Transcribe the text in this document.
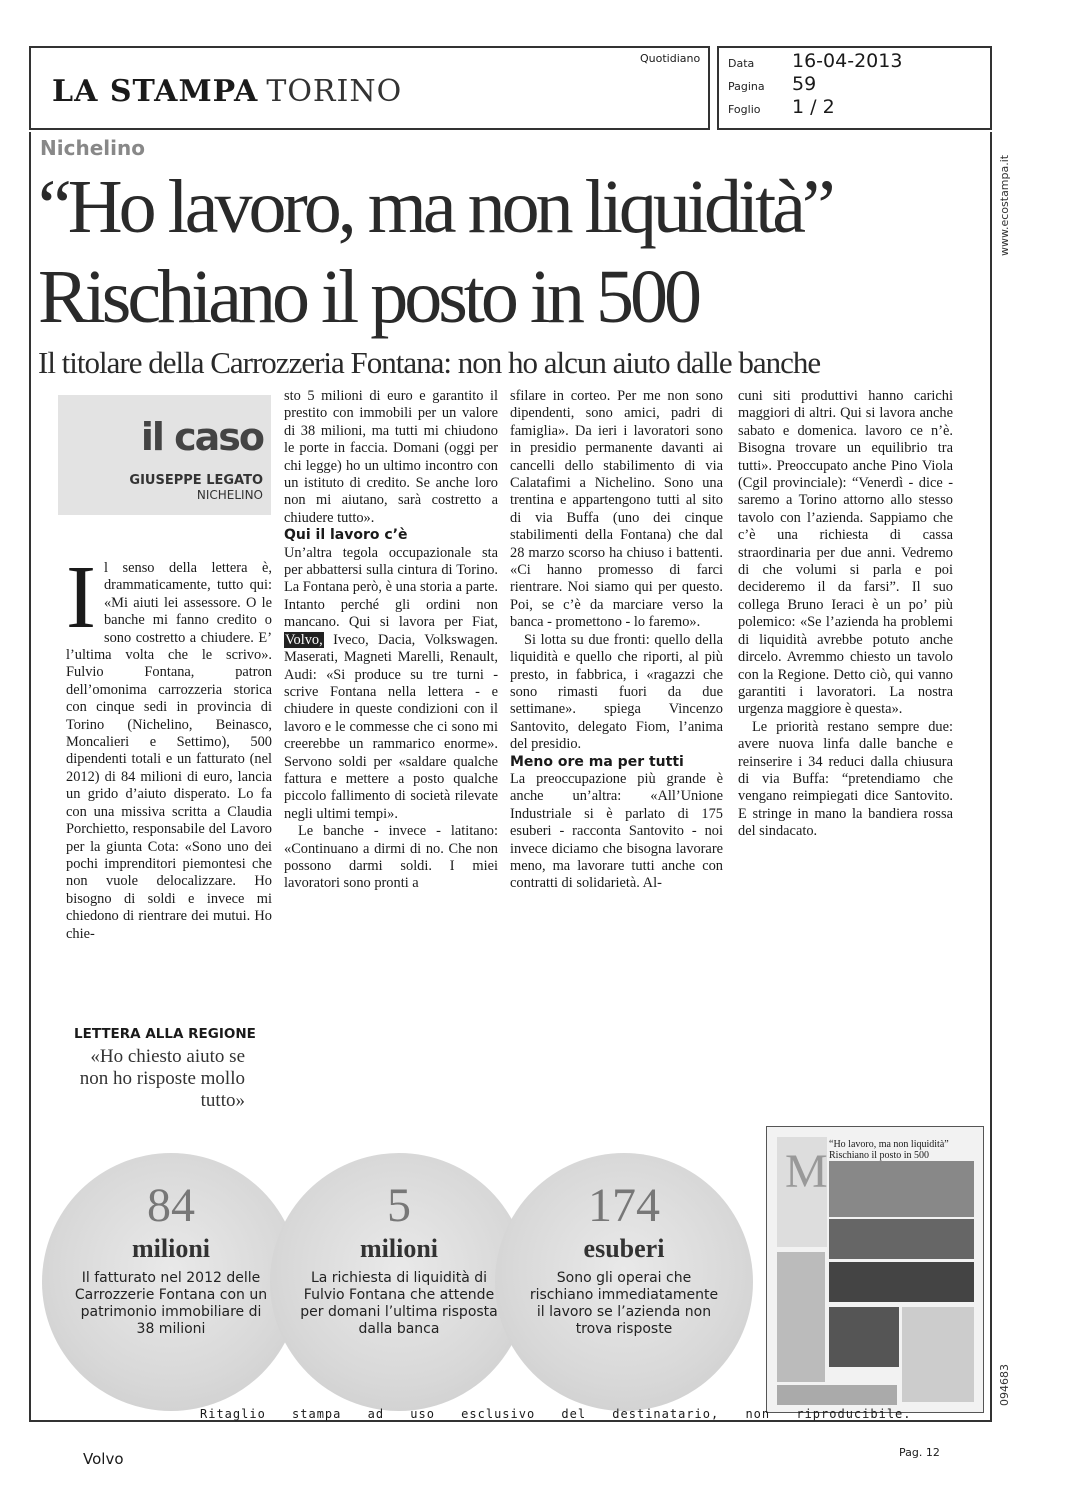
LA STAMPA TORINO
Quotidiano	Data 16-04-2013
Pagina 59
Foglio 1 / 2
www.ecostampa.it
094683
Nichelino
“Ho lavoro, ma non liquidità”
Rischiano il posto in 500
Il titolare della Carrozzeria Fontana: non ho alcun aiuto dalle banche
il caso
GIUSEPPE LEGATO
NICHELINO

Il senso della lettera è, drammaticamente, tutto qui: «Mi aiuti lei assessore. O le banche mi fanno credito o sono costretto a chiudere. E’ l’ultima volta che le scrivo». Fulvio Fontana, patron dell’omonima carrozzeria storica con cinque sedi in provincia di Torino (Nichelino, Beinasco, Moncalieri e Settimo), 500 dipendenti totali e un fatturato (nel 2012) di 84 milioni di euro, lancia un grido d’aiuto disperato. Lo fa con una missiva scritta a Claudia Porchietto, responsabile del Lavoro per la giunta Cota: «Sono uno dei pochi imprenditori piemontesi che non vuole delocalizzare. Ho bisogno di soldi e invece mi chiedono di rientrare dei mutui. Ho chie-

sto 5 milioni di euro e garantito il prestito con immobili per un valore di 38 milioni, ma tutti mi chiudono le porte in faccia. Domani (oggi per chi legge) ho un ultimo incontro con un istituto di credito. Se anche loro non mi aiutano, sarà costretto a chiudere tutto».

Qui il lavoro c’è

Un’altra tegola occupazionale sta per abbattersi sulla cintura di Torino. La Fontana però, è una storia a parte. Intanto perché gli ordini non mancano. Qui si lavora per Fiat, Volvo, Iveco, Dacia, Volkswagen. Maserati, Magneti Marelli, Renault, Audi: «Si produce su tre turni - scrive Fontana nella lettera - e chiudere in queste condizioni con il lavoro e le commesse che ci sono mi creerebbe un rammarico enorme». Servono soldi per «saldare qualche fattura e mettere a posto qualche piccolo fallimento di società rilevate negli ultimi tempi».

Le banche - invece - latitano: «Continuano a dirmi di no. Che non possono darmi soldi. I miei lavoratori sono pronti a

sfilare in corteo. Per me non sono dipendenti, sono amici, padri di famiglia». Da ieri i lavoratori sono in presidio permanente davanti ai cancelli dello stabilimento di via Calatafimi a Nichelino. Sono una trentina e appartengono tutti al sito di via Buffa (uno dei cinque stabilimenti della Fontana) che dal 28 marzo scorso ha chiuso i battenti. «Ci hanno promesso di farci rientrare. Noi siamo qui per questo. Poi, se c’è da marciare verso la banca - promettono - lo faremo».

Si lotta su due fronti: quello della liquidità e quello che riporti, al più presto, in fabbrica, i «ragazzi che sono rimasti fuori da due settimane». spiega Vincenzo Santovito, delegato Fiom, l’anima del presidio.

Meno ore ma per tutti

La preoccupazione più grande è anche un’altra: «All’Unione Industriale si è parlato di 175 esuberi - racconta Santovito - noi invece diciamo che bisogna lavorare meno, ma lavorare tutti anche con contratti di solidarietà. Al-

cuni siti produttivi hanno carichi maggiori di altri. Qui si lavora anche sabato e domenica. lavoro ce n’è. Bisogna trovare un equilibrio tra tutti». Preoccupato anche Pino Viola (Cgil provinciale): “Venerdì - dice - saremo a Torino attorno allo stesso tavolo con l’azienda. Sappiamo che c’è una richiesta di cassa straordinaria per due anni. Vedremo di che volumi si parla e poi decideremo il da farsi”. Il suo collega Bruno Ieraci è un po’ più polemico: «Se l’azienda ha problemi di liquidità avrebbe potuto anche dircelo. Avremmo chiesto un tavolo con la Regione. Detto ciò, qui vanno garantiti i lavoratori. La nostra urgenza maggiore è questa».

Le priorità restano sempre due: avere nuova linfa dalle banche e reinserire i 34 reduci dalla chiusura di via Buffa: “pretendiamo che vengano reimpiegati dice Santovito. E stringe in mano la bandiera rossa del sindacato.

LETTERA ALLA REGIONE
«Ho chiesto aiuto se non ho risposte mollo tutto»
84
milioni
Il fatturato nel 2012 delle Carrozzerie Fontana con un patrimonio immobiliare di 38 milioni
5
milioni
La richiesta di liquidità di Fulvio Fontana che attende per domani l’ultima risposta dalla banca
174
esuberi
Sono gli operai che rischiano immediatamente il lavoro se l’azienda non trova risposte
M
“Ho lavoro, ma non liquidità” Rischiano il posto in 500
Ritaglio stampa ad uso esclusivo del destinatario, non riproducibile.
Volvo	Pag. 12
